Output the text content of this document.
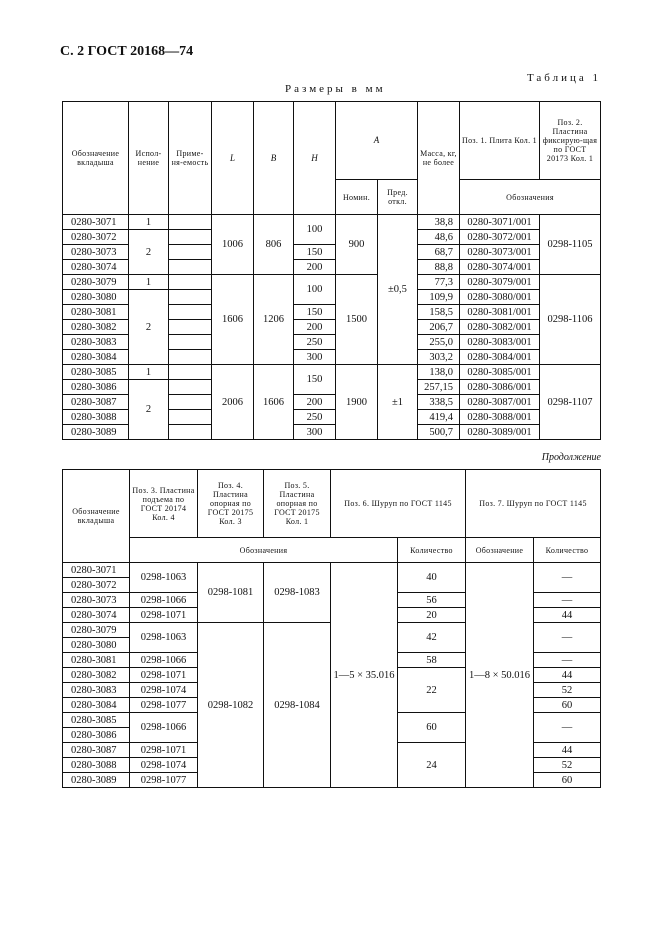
С. 2 ГОСТ 20168—74
Таблица 1
Размеры в мм
Обозначение вкладыша	Испол-нение	Приме-ня-емость	L	B	H	A		Масса, кг, не более	Поз. 1. Плита Кол. 1	Поз. 2. Пластина фиксирую-щая по ГОСТ 20173 Кол. 1
						Номин.	Пред. откл.		Обозначения	
0280-3071	1		1006	806	100	900	±0,5	38,8	0280-3071/001	0298-1105
0280-3072	2							48,6	0280-3072/001	
0280-3073					150			68,7	0280-3073/001	
0280-3074					200			88,8	0280-3074/001	
0280-3079	1		1606	1206	100	1500		77,3	0280-3079/001	0298-1106
0280-3080	2							109,9	0280-3080/001	
0280-3081					150			158,5	0280-3081/001	
0280-3082					200			206,7	0280-3082/001	
0280-3083					250			255,0	0280-3083/001	
0280-3084					300			303,2	0280-3084/001	
0280-3085	1		2006	1606	150	1900	±1	138,0	0280-3085/001	0298-1107
0280-3086	2							257,15	0280-3086/001	
0280-3087					200			338,5	0280-3087/001	
0280-3088					250			419,4	0280-3088/001	
0280-3089					300			500,7	0280-3089/001	
Продолжение
Обозначение вкладыша	Поз. 3. Пластина подъема по ГОСТ 20174 Кол. 4	Поз. 4. Пластина опорная по ГОСТ 20175 Кол. 3	Поз. 5. Пластина опорная по ГОСТ 20175 Кол. 1	Поз. 6. Шуруп по ГОСТ 1145		Поз. 7. Шуруп по ГОСТ 1145	
	Обозначения				Количество	Обозначение	Количество
0280-3071	0298-1063	0298-1081	0298-1083	1—5 × 35.016	40	1—8 × 50.016	—
0280-3072							
0280-3073	0298-1066				56		—
0280-3074	0298-1071				20		44
0280-3079	0298-1063	0298-1082	0298-1084		42		—
0280-3080							
0280-3081	0298-1066				58		—
0280-3082	0298-1071				22		44
0280-3083	0298-1074						52
0280-3084	0298-1077						60
0280-3085	0298-1066				60		—
0280-3086							
0280-3087	0298-1071				24		44
0280-3088	0298-1074						52
0280-3089	0298-1077						60
